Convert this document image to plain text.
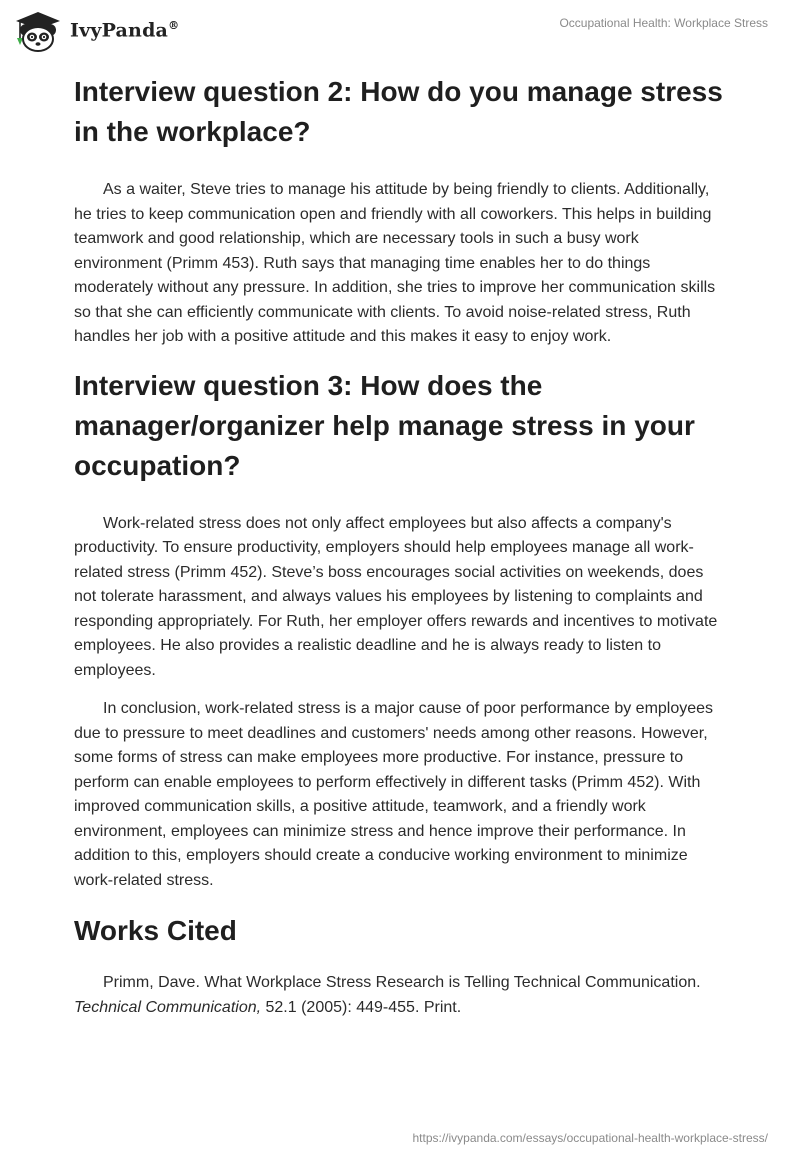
IvyPanda®	Occupational Health: Workplace Stress
Interview question 2: How do you manage stress in the workplace?

As a waiter, Steve tries to manage his attitude by being friendly to clients. Additionally, he tries to keep communication open and friendly with all coworkers. This helps in building teamwork and good relationship, which are necessary tools in such a busy work environment (Primm 453). Ruth says that managing time enables her to do things moderately without any pressure. In addition, she tries to improve her communication skills so that she can efficiently communicate with clients. To avoid noise-related stress, Ruth handles her job with a positive attitude and this makes it easy to enjoy work.

Interview question 3: How does the manager/organizer help manage stress in your occupation?

Work-related stress does not only affect employees but also affects a company's productivity. To ensure productivity, employers should help employees manage all work-related stress (Primm 452). Steve’s boss encourages social activities on weekends, does not tolerate harassment, and always values his employees by listening to complaints and responding appropriately. For Ruth, her employer offers rewards and incentives to motivate employees. He also provides a realistic deadline and he is always ready to listen to employees.

In conclusion, work-related stress is a major cause of poor performance by employees due to pressure to meet deadlines and customers' needs among other reasons. However, some forms of stress can make employees more productive. For instance, pressure to perform can enable employees to perform effectively in different tasks (Primm 452). With improved communication skills, a positive attitude, teamwork, and a friendly work environment, employees can minimize stress and hence improve their performance. In addition to this, employers should create a conducive working environment to minimize work-related stress.

Works Cited

Primm, Dave. What Workplace Stress Research is Telling Technical Communication. Technical Communication, 52.1 (2005): 449-455. Print.

https://ivypanda.com/essays/occupational-health-workplace-stress/
